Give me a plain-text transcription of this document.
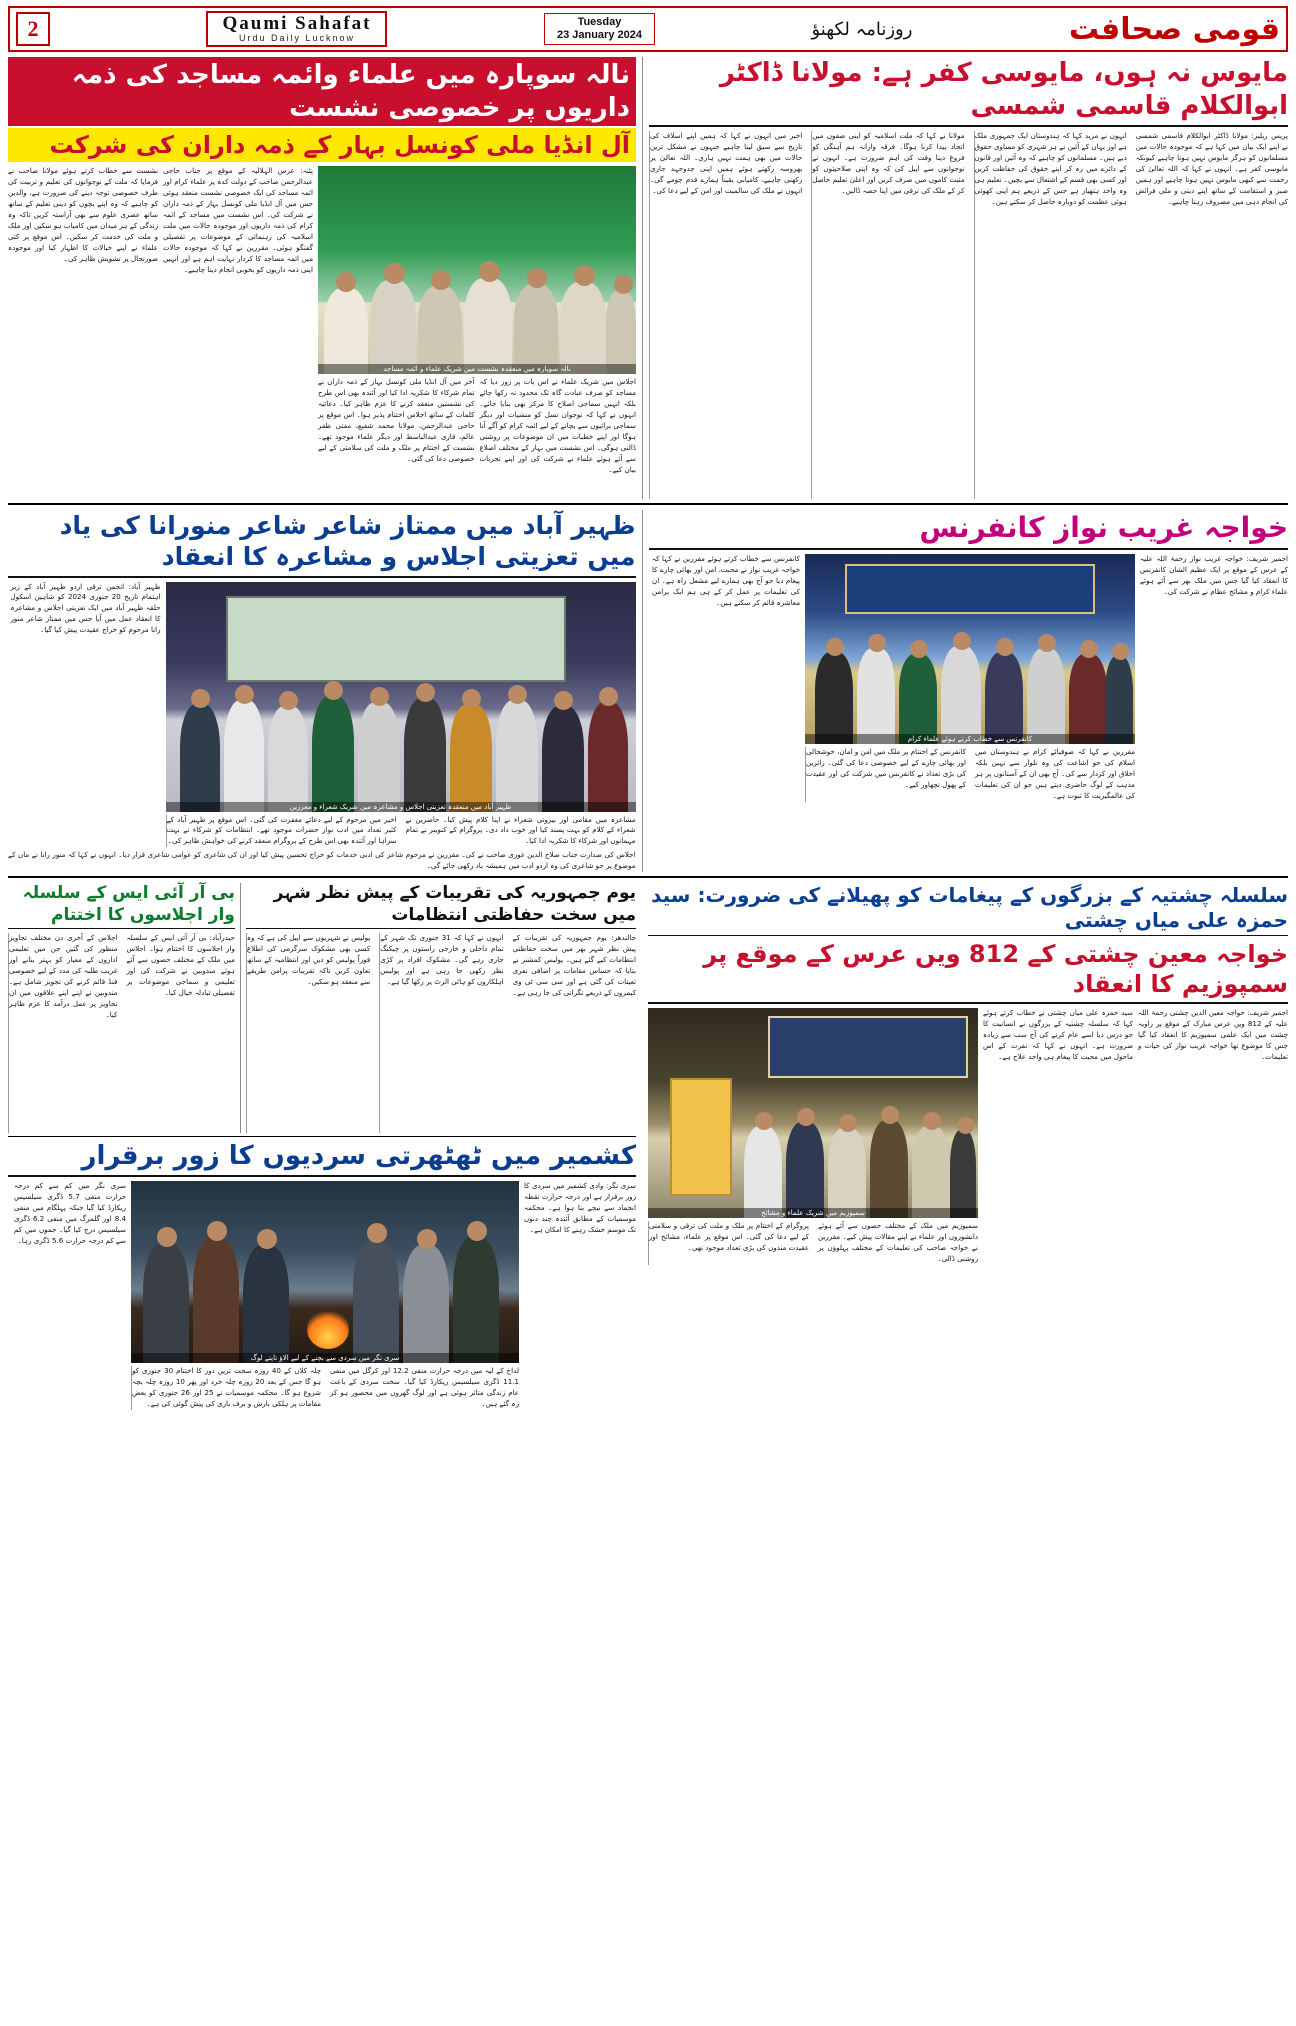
2	Qaumi Sahafat
Urdu Daily Lucknow
Tuesday
23 January 2024	روزنامہ لکھنؤ	قومی صحافت
نالہ سوپارہ میں علماء وائمہ مساجد کی ذمہ داریوں پر خصوصی نشست
آل انڈیا ملی کونسل بہار کے ذمہ داران کی شرکت
نالہ سوپارہ میں منعقدہ نشست میں شریک علماء و ائمہ مساجد
اجلاس میں شریک علماء نے اس بات پر زور دیا کہ مساجد کو صرف عبادت گاہ تک محدود نہ رکھا جائے بلکہ انہیں سماجی اصلاح کا مرکز بھی بنایا جائے۔ انہوں نے کہا کہ نوجوان نسل کو منشیات اور دیگر سماجی برائیوں سے بچانے کے لیے ائمہ کرام کو آگے آنا ہوگا اور اپنے خطبات میں ان موضوعات پر روشنی ڈالنی ہوگی۔ اس نشست میں بہار کے مختلف اضلاع سے آئے ہوئے علماء نے شرکت کی اور اپنے تجربات بیان کیے۔
آخر میں آل انڈیا ملی کونسل بہار کے ذمہ داران نے تمام شرکاء کا شکریہ ادا کیا اور آئندہ بھی اس طرح کی نشستیں منعقد کرنے کا عزم ظاہر کیا۔ دعائیہ کلمات کے ساتھ اجلاس اختتام پذیر ہوا۔ اس موقع پر حاجی عبدالرحمن، مولانا محمد شفیع، مفتی ظفر عالم، قاری عبدالباسط اور دیگر علماء موجود تھے۔ نشست کے اختتام پر ملک و ملت کی سلامتی کے لیے خصوصی دعا کی گئی۔
پٹنہ: عرس الہلالیہ کے موقع پر جناب حاجی عبدالرحمن صاحب کے دولت کدہ پر علماء کرام اور ائمہ مساجد کی ایک خصوصی نشست منعقد ہوئی جس میں آل انڈیا ملی کونسل بہار کے ذمہ داران نے شرکت کی۔ اس نشست میں مساجد کے ائمہ کرام کی ذمہ داریوں اور موجودہ حالات میں ملت اسلامیہ کی رہنمائی کے موضوعات پر تفصیلی گفتگو ہوئی۔ مقررین نے کہا کہ موجودہ حالات میں ائمہ مساجد کا کردار نہایت اہم ہے اور انہیں اپنی ذمہ داریوں کو بخوبی انجام دینا چاہیے۔
نشست سے خطاب کرتے ہوئے مولانا صاحب نے فرمایا کہ ملت کے نوجوانوں کی تعلیم و تربیت کی طرف خصوصی توجہ دینے کی ضرورت ہے، والدین کو چاہیے کہ وہ اپنے بچوں کو دینی تعلیم کے ساتھ ساتھ عصری علوم سے بھی آراستہ کریں تاکہ وہ زندگی کے ہر میدان میں کامیاب ہو سکیں اور ملک و ملت کی خدمت کر سکیں۔ اس موقع پر کئی علماء نے اپنے خیالات کا اظہار کیا اور موجودہ صورتحال پر تشویش ظاہر کی۔
مایوس نہ ہوں، مایوسی کفر ہے: مولانا ڈاکٹر ابوالکلام قاسمی شمسی
پریس ریلیز: مولانا ڈاکٹر ابوالکلام قاسمی شمسی نے اپنے ایک بیان میں کہا ہے کہ موجودہ حالات میں مسلمانوں کو ہرگز مایوس نہیں ہونا چاہیے کیونکہ مایوسی کفر ہے۔ انہوں نے کہا کہ اللہ تعالیٰ کی رحمت سے کبھی مایوس نہیں ہونا چاہیے اور ہمیں صبر و استقامت کے ساتھ اپنے دینی و ملی فرائض کی انجام دہی میں مصروف رہنا چاہیے۔
انہوں نے مزید کہا کہ ہندوستان ایک جمہوری ملک ہے اور یہاں کے آئین نے ہر شہری کو مساوی حقوق دیے ہیں۔ مسلمانوں کو چاہیے کہ وہ آئین اور قانون کے دائرے میں رہ کر اپنے حقوق کی حفاظت کریں اور کسی بھی قسم کے اشتعال سے بچیں۔ تعلیم ہی وہ واحد ہتھیار ہے جس کے ذریعے ہم اپنی کھوئی ہوئی عظمت کو دوبارہ حاصل کر سکتے ہیں۔
مولانا نے کہا کہ ملت اسلامیہ کو اپنی صفوں میں اتحاد پیدا کرنا ہوگا۔ فرقہ وارانہ ہم آہنگی کو فروغ دینا وقت کی اہم ضرورت ہے۔ انہوں نے نوجوانوں سے اپیل کی کہ وہ اپنی صلاحیتوں کو مثبت کاموں میں صرف کریں اور اعلیٰ تعلیم حاصل کر کے ملک کی ترقی میں اپنا حصہ ڈالیں۔
اخیر میں انہوں نے کہا کہ ہمیں اپنے اسلاف کی تاریخ سے سبق لینا چاہیے جنہوں نے مشکل ترین حالات میں بھی ہمت نہیں ہاری۔ اللہ تعالیٰ پر بھروسہ رکھتے ہوئے ہمیں اپنی جدوجہد جاری رکھنی چاہیے، کامیابی یقیناً ہمارے قدم چومے گی۔ انہوں نے ملک کی سالمیت اور امن کے لیے دعا کی۔
ظہیر آباد میں ممتاز شاعر شاعر منورانا کی یاد میں تعزیتی اجلاس و مشاعرہ کا انعقاد
ظہیر آباد میں منعقدہ تعزیتی اجلاس و مشاعرہ میں شریک شعراء و معززین
مشاعرہ میں مقامی اور بیرونی شعراء نے اپنا کلام پیش کیا۔ حاضرین نے شعراء کے کلام کو بہت پسند کیا اور خوب داد دی۔ پروگرام کے کنوینر نے تمام مہمانوں اور شرکاء کا شکریہ ادا کیا۔
اخیر میں مرحوم کے لیے دعائے مغفرت کی گئی۔ اس موقع پر ظہیر آباد کے کثیر تعداد میں ادب نواز حضرات موجود تھے۔ انتظامات کو شرکاء نے بہت سراہا اور آئندہ بھی اس طرح کے پروگرام منعقد کرنے کی خواہش ظاہر کی۔
ظہیر آباد: انجمن ترقی اردو ظہیر آباد کے زیر اہتمام تاریخ 20 جنوری 2024 کو شاہین اسکول حلقہ ظہیر آباد میں ایک تعزیتی اجلاس و مشاعرہ کا انعقاد عمل میں آیا جس میں ممتاز شاعر منور رانا مرحوم کو خراج عقیدت پیش کیا گیا۔
اجلاس کی صدارت جناب صلاح الدین غوری صاحب نے کی۔ مقررین نے مرحوم شاعر کی ادبی خدمات کو خراج تحسین پیش کیا اور ان کی شاعری کو عوامی شاعری قرار دیا۔ انہوں نے کہا کہ منور رانا نے ماں کے موضوع پر جو شاعری کی وہ اردو ادب میں ہمیشہ یاد رکھی جائے گی۔
خواجہ غریب نواز کانفرنس
اجمیر شریف: خواجہ غریب نواز رحمۃ اللہ علیہ کے عرس کے موقع پر ایک عظیم الشان کانفرنس کا انعقاد کیا گیا جس میں ملک بھر سے آئے ہوئے علماء کرام و مشائخ عظام نے شرکت کی۔
کانفرنس سے خطاب کرتے ہوئے علماء کرام
مقررین نے کہا کہ صوفیائے کرام نے ہندوستان میں اسلام کی جو اشاعت کی وہ تلوار سے نہیں بلکہ اخلاق اور کردار سے کی۔ آج بھی ان کے آستانوں پر ہر مذہب کے لوگ حاضری دیتے ہیں جو ان کی تعلیمات کی عالمگیریت کا ثبوت ہے۔
کانفرنس کے اختتام پر ملک میں امن و امان، خوشحالی اور بھائی چارے کے لیے خصوصی دعا کی گئی۔ زائرین کی بڑی تعداد نے کانفرنس میں شرکت کی اور عقیدت کے پھول نچھاور کیے۔
کانفرنس سے خطاب کرتے ہوئے مقررین نے کہا کہ خواجہ غریب نواز نے محبت، امن اور بھائی چارے کا پیغام دیا جو آج بھی ہمارے لیے مشعل راہ ہے۔ ان کی تعلیمات پر عمل کر کے ہی ہم ایک پرامن معاشرہ قائم کر سکتے ہیں۔
یوم جمہوریہ کی تقریبات کے پیش نظر شہر میں سخت حفاظتی انتظامات
جالندھر: یوم جمہوریہ کی تقریبات کے پیش نظر شہر بھر میں سخت حفاظتی انتظامات کیے گئے ہیں۔ پولیس کمشنر نے بتایا کہ حساس مقامات پر اضافی نفری تعینات کی گئی ہے اور سی سی ٹی وی کیمروں کے ذریعے نگرانی کی جا رہی ہے۔
انہوں نے کہا کہ 31 جنوری تک شہر کے تمام داخلی و خارجی راستوں پر چیکنگ جاری رہے گی۔ مشکوک افراد پر کڑی نظر رکھی جا رہی ہے اور پولیس اہلکاروں کو ہائی الرٹ پر رکھا گیا ہے۔
پولیس نے شہریوں سے اپیل کی ہے کہ وہ کسی بھی مشکوک سرگرمی کی اطلاع فوراً پولیس کو دیں اور انتظامیہ کے ساتھ تعاون کریں تاکہ تقریبات پرامن طریقے سے منعقد ہو سکیں۔
بی آر آئی ایس کے سلسلہ وار اجلاسوں کا اختتام
حیدرآباد: بی آر آئی ایس کے سلسلہ وار اجلاسوں کا اختتام ہوا۔ اجلاس میں ملک کے مختلف حصوں سے آئے ہوئے مندوبین نے شرکت کی اور تعلیمی و سماجی موضوعات پر تفصیلی تبادلہ خیال کیا۔
اجلاس کے آخری دن مختلف تجاویز منظور کی گئیں جن میں تعلیمی اداروں کے معیار کو بہتر بنانے اور غریب طلبہ کی مدد کے لیے خصوصی فنڈ قائم کرنے کی تجویز شامل ہے۔ مندوبین نے اپنے اپنے علاقوں میں ان تجاویز پر عمل درآمد کا عزم ظاہر کیا۔
کشمیر میں ٹھٹھرتی سردیوں کا زور برقرار
سری نگر: وادی کشمیر میں سردی کا زور برقرار ہے اور درجہ حرارت نقطہ انجماد سے نیچے بنا ہوا ہے۔ محکمہ موسمیات کے مطابق آئندہ چند دنوں تک موسم خشک رہنے کا امکان ہے۔
سری نگر میں سردی سے بچنے کے لیے الاؤ تاپتے لوگ
لداخ کے لیہ میں درجہ حرارت منفی 12.2 اور کرگل میں منفی 11.1 ڈگری سیلسیس ریکارڈ کیا گیا۔ سخت سردی کے باعث عام زندگی متاثر ہوئی ہے اور لوگ گھروں میں محصور ہو کر رہ گئے ہیں۔
چلہ کلاں کے 40 روزہ سخت ترین دور کا اختتام 30 جنوری کو ہو گا جس کے بعد 20 روزہ چلہ خرد اور پھر 10 روزہ چلہ بچہ شروع ہو گا۔ محکمہ موسمیات نے 25 اور 26 جنوری کو بعض مقامات پر ہلکی بارش و برف باری کی پیش گوئی کی ہے۔
سری نگر میں کم سے کم درجہ حرارت منفی 5.7 ڈگری سیلسیس ریکارڈ کیا گیا جبکہ پہلگام میں منفی 8.4 اور گلمرگ میں منفی 6.2 ڈگری سیلسیس درج کیا گیا۔ جموں میں کم سے کم درجہ حرارت 5.6 ڈگری رہا۔
سلسلہ چشتیہ کے بزرگوں کے پیغامات کو پھیلانے کی ضرورت: سید حمزہ علی میاں چشتی
خواجہ معین چشتی کے 812 ویں عرس کے موقع پر سمپوزیم کا انعقاد
اجمیر شریف: خواجہ معین الدین چشتی رحمۃ اللہ علیہ کے 812 ویں عرس مبارک کے موقع پر زاویہ چشت میں ایک علمی سمپوزیم کا انعقاد کیا گیا جس کا موضوع تھا خواجہ غریب نواز کی حیات و تعلیمات۔
سید حمزہ علی میاں چشتی نے خطاب کرتے ہوئے کہا کہ سلسلہ چشتیہ کے بزرگوں نے انسانیت کا جو درس دیا اسے عام کرنے کی آج سب سے زیادہ ضرورت ہے۔ انہوں نے کہا کہ نفرت کے اس ماحول میں محبت کا پیغام ہی واحد علاج ہے۔
سمپوزیم میں شریک علماء و مشائخ
سمپوزیم میں ملک کے مختلف حصوں سے آئے ہوئے دانشوروں اور علماء نے اپنے مقالات پیش کیے۔ مقررین نے خواجہ صاحب کی تعلیمات کے مختلف پہلوؤں پر روشنی ڈالی۔
پروگرام کے اختتام پر ملک و ملت کی ترقی و سلامتی کے لیے دعا کی گئی۔ اس موقع پر علماء، مشائخ اور عقیدت مندوں کی بڑی تعداد موجود تھی۔
